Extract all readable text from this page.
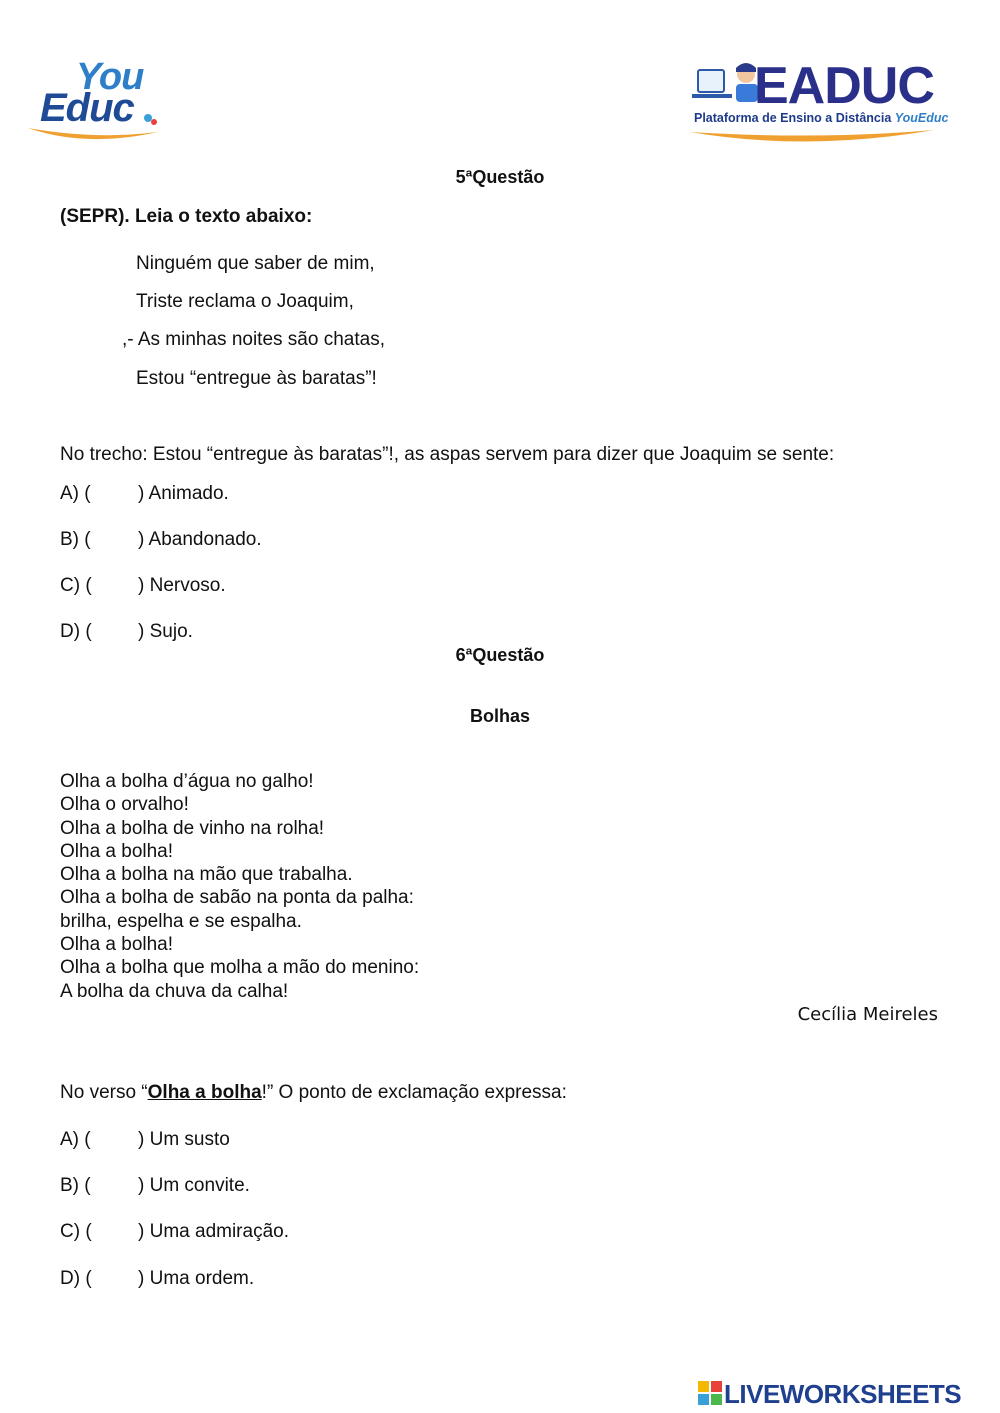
You
Educ	EADUC
Plataforma de Ensino a Distância YouEduc
5ªQuestão
(SEPR). Leia o texto abaixo:
Ninguém que saber de mim,
Triste reclama o Joaquim,
,- As minhas noites são chatas,
Estou “entregue às baratas”!
No trecho: Estou “entregue às baratas”!, as aspas servem para dizer que Joaquim se sente:
A) ( ) Animado.
B) ( ) Abandonado.
C) ( ) Nervoso.
D) ( ) Sujo.
6ªQuestão
Bolhas
Olha a bolha d’água no galho!
Olha o orvalho!
Olha a bolha de vinho na rolha!
Olha a bolha!
Olha a bolha na mão que trabalha.
Olha a bolha de sabão na ponta da palha:
brilha, espelha e se espalha.
Olha a bolha!
Olha a bolha que molha a mão do menino:
A bolha da chuva da calha!
Cecília Meireles
No verso “Olha a bolha!” O ponto de exclamação expressa:
A) ( ) Um susto
B) ( ) Um convite.
C) ( ) Uma admiração.
D) ( ) Uma ordem.
LIVEWORKSHEETS
